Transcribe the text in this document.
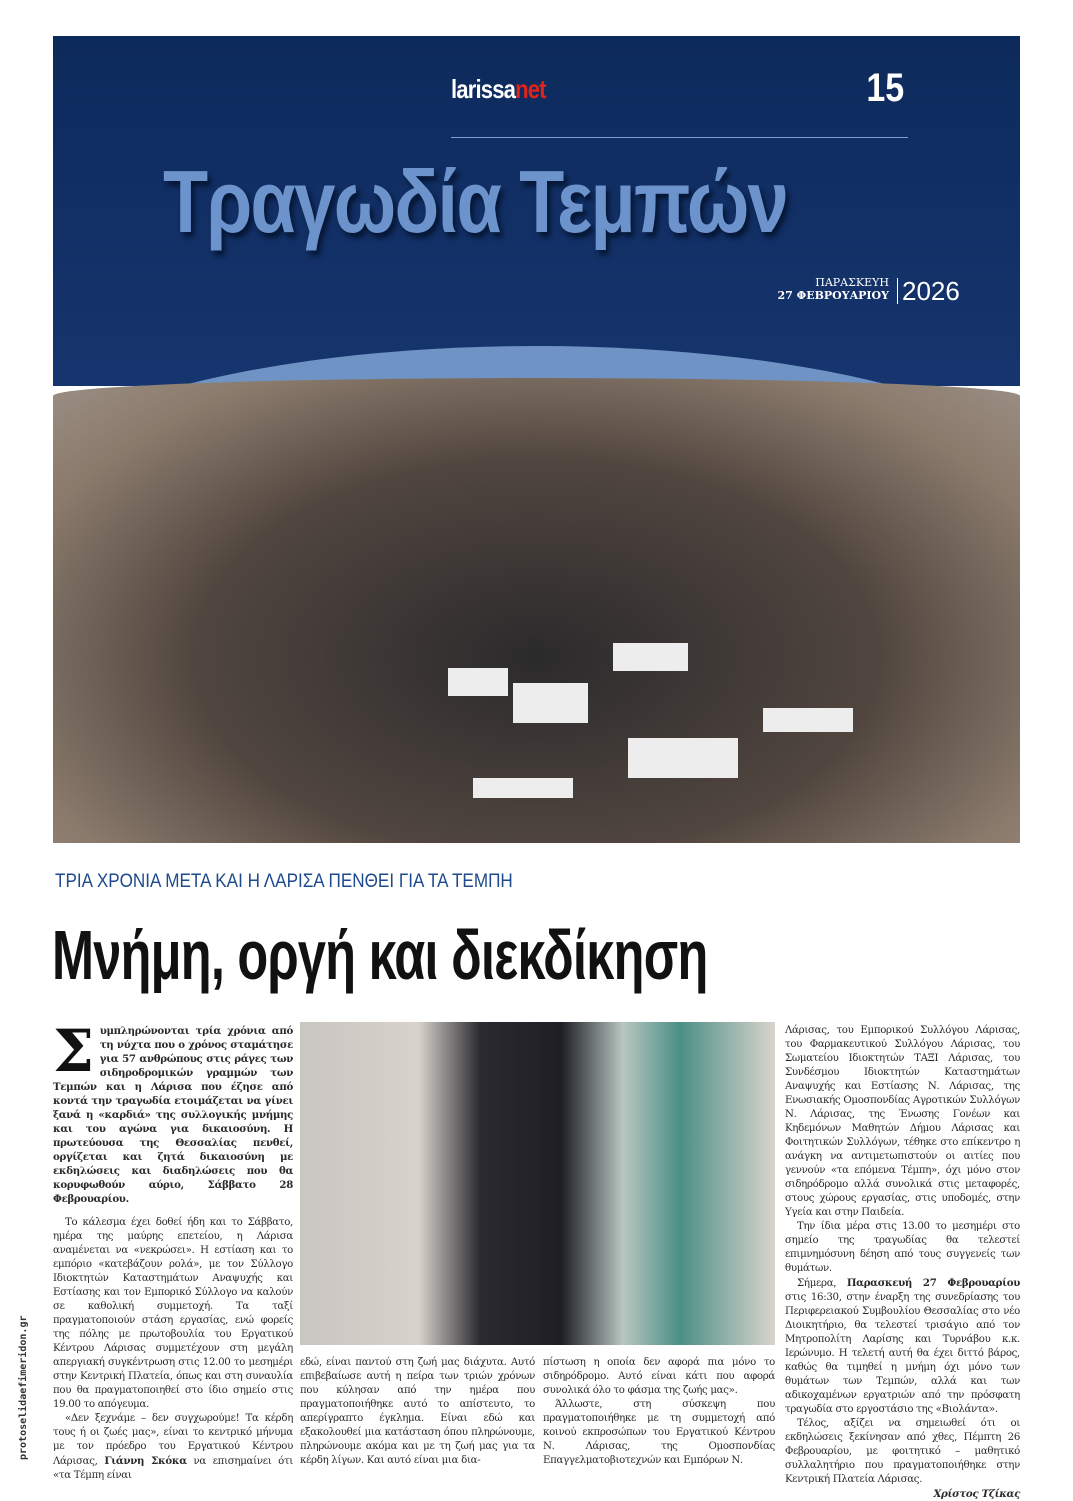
larissanet	15
Τραγωδία Τεμπών
ΠΑΡΑΣΚΕΥΗ
27 ΦΕΒΡΟΥΑΡΙΟΥ 2026
ΤΡΙΑ ΧΡΟΝΙΑ ΜΕΤΑ ΚΑΙ Η ΛΑΡΙΣΑ ΠΕΝΘΕΙ ΓΙΑ ΤΑ ΤΕΜΠΗ
Μνήμη, οργή και διεκδίκηση

Συμπληρώνονται τρία χρόνια από τη νύχτα που ο χρόνος σταμάτησε για 57 ανθρώπους στις ράγες των σιδηροδρομικών γραμμών των Τεμπών και η Λάρισα που έζησε από κοντά την τραγωδία ετοιμάζεται να γίνει ξανά η «καρδιά» της συλλογικής μνήμης και του αγώνα για δικαιοσύνη. Η πρωτεύουσα της Θεσσαλίας πενθεί, οργίζεται και ζητά δικαιοσύνη με εκδηλώσεις και διαδηλώσεις που θα κορυφωθούν αύριο, Σάββατο 28 Φεβρουαρίου.

Το κάλεσμα έχει δοθεί ήδη και το Σάββατο, ημέρα της μαύρης επετείου, η Λάρισα αναμένεται να «νεκρώσει». Η εστίαση και το εμπόριο «κατεβάζουν ρολά», με τον Σύλλογο Ιδιοκτητών Καταστημάτων Αναψυχής και Εστίασης και τον Εμπορικό Σύλλογο να καλούν σε καθολική συμμετοχή. Τα ταξί πραγματοποιούν στάση εργασίας, ενώ φορείς της πόλης με πρωτοβουλία του Εργατικού Κέντρου Λάρισας συμμετέχουν στη μεγάλη απεργιακή συγκέντρωση στις 12.00 το μεσημέρι στην Κεντρική Πλατεία, όπως και στη συναυλία που θα πραγματοποιηθεί στο ίδιο σημείο στις 19.00 το απόγευμα.

«Δεν ξεχνάμε – δεν συγχωρούμε! Τα κέρδη τους ή οι ζωές μας», είναι το κεντρικό μήνυμα με τον πρόεδρο του Εργατικού Κέντρου Λάρισας, Γιάννη Σκόκα να επισημαίνει ότι «τα Τέμπη είναι

εδώ, είναι παντού στη ζωή μας διάχυτα. Αυτό επιβεβαίωσε αυτή η πείρα των τριών χρόνων που κύλησαν από την ημέρα που πραγματοποιήθηκε αυτό το απίστευτο, το απερίγραπτο έγκλημα. Είναι εδώ και εξακολουθεί μια κατάσταση όπου πληρώνουμε, πληρώνουμε ακόμα και με τη ζωή μας για τα κέρδη λίγων. Και αυτό είναι μια δια-

πίστωση η οποία δεν αφορά πια μόνο το σιδηρόδρομο. Αυτό είναι κάτι που αφορά συνολικά όλο το φάσμα της ζωής μας».

Άλλωστε, στη σύσκεψη που πραγματοποιήθηκε με τη συμμετοχή από κοινού εκπροσώπων του Εργατικού Κέντρου Ν. Λάρισας, της Ομοσπονδίας Επαγγελματοβιοτεχνών και Εμπόρων Ν.

Λάρισας, του Εμπορικού Συλλόγου Λάρισας, του Φαρμακευτικού Συλλόγου Λάρισας, του Σωματείου Ιδιοκτητών ΤΑΞΙ Λάρισας, του Συνδέσμου Ιδιοκτητών Καταστημάτων Αναψυχής και Εστίασης Ν. Λάρισας, της Ενωσιακής Ομοσπονδίας Αγροτικών Συλλόγων Ν. Λάρισας, της Ένωσης Γονέων και Κηδεμόνων Μαθητών Δήμου Λάρισας και Φοιτητικών Συλλόγων, τέθηκε στο επίκεντρο η ανάγκη να αντιμετωπιστούν οι αιτίες που γεννούν «τα επόμενα Τέμπη», όχι μόνο στον σιδηρόδρομο αλλά συνολικά στις μεταφορές, στους χώρους εργασίας, στις υποδομές, στην Υγεία και στην Παιδεία.

Την ίδια μέρα στις 13.00 το μεσημέρι στο σημείο της τραγωδίας θα τελεστεί επιμνημόσυνη δέηση από τους συγγενείς των θυμάτων.

Σήμερα, Παρασκευή 27 Φεβρουαρίου στις 16:30, στην έναρξη της συνεδρίασης του Περιφερειακού Συμβουλίου Θεσσαλίας στο νέο Διοικητήριο, θα τελεστεί τρισάγιο από τον Μητροπολίτη Λαρίσης και Τυρνάβου κ.κ. Ιερώνυμο. Η τελετή αυτή θα έχει διττό βάρος, καθώς θα τιμηθεί η μνήμη όχι μόνο των θυμάτων των Τεμπών, αλλά και των αδικοχαμένων εργατριών από την πρόσφατη τραγωδία στο εργοστάσιο της «Βιολάντα».

Τέλος, αξίζει να σημειωθεί ότι οι εκδηλώσεις ξεκίνησαν από χθες, Πέμπτη 26 Φεβρουαρίου, με φοιτητικό – μαθητικό συλλαλητήριο που πραγματοποιήθηκε στην Κεντρική Πλατεία Λάρισας.

Χρίστος Τζίκας
protoselidaefimeridon.gr
